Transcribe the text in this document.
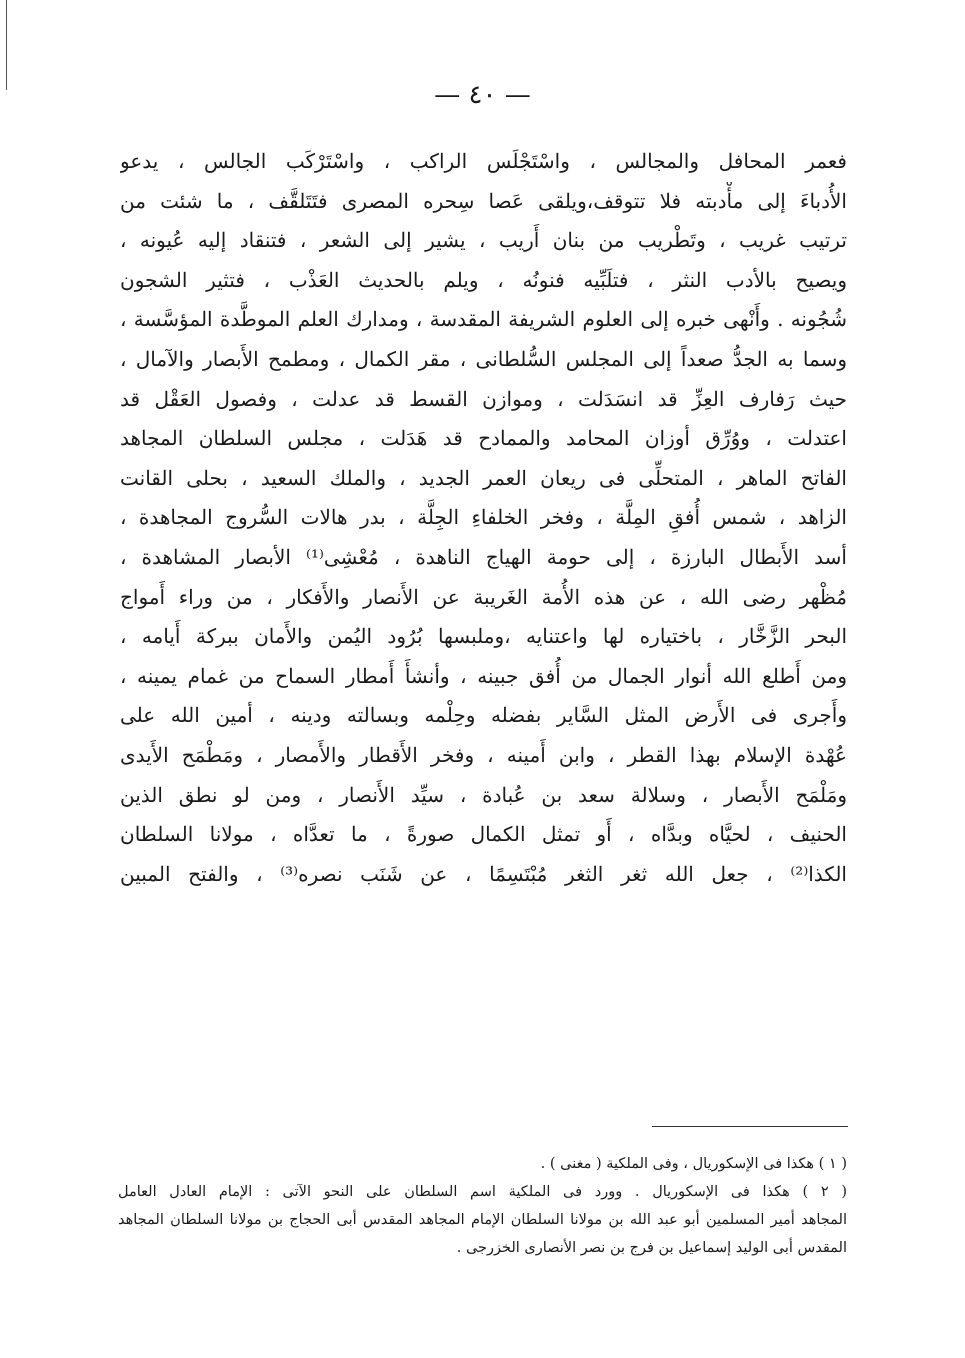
— ٤٠ —
فعمر المحافل والمجالس ، واسْتَجْلَس الراكب ، واسْتَرْكَب الجالس ، يدعو
الأُدباءَ إلى مأْدبته فلا تتوقف،ويلقى عَصا سِحره المصرى فتَتَلقَّف ، ما شئت من
ترتيب غريب ، وتَطْريب من بنان أَريب ، يشير إلى الشعر ، فتنقاد إليه عُيونه ،
ويصيح بالأدب النثر ، فتلَبِّيه فنونُه ، ويلم بالحديث العَذْب ، فتثير الشجون
شُجُونه . وأَنْهى خبره إلى العلوم الشريفة المقدسة ، ومدارك العلم الموطَّدة المؤسَّسة ،
وسما به الجدُّ صعداً إلى المجلس السُّلطانى ، مقر الكمال ، ومطمح الأَبصار والآمال ،
حيث رَفارف العِزِّ قد انسَدَلت ، وموازن القسط قد عدلت ، وفصول العَقْل قد
اعتدلت ، ووُرِّق أوزان المحامد والممادح قد هَدَلت ، مجلس السلطان المجاهد
الفاتح الماهر ، المتحلِّى فى ريعان العمر الجديد ، والملك السعيد ، بحلى القانت
الزاهد ، شمس أُفقِ المِلَّة ، وفخر الخلفاءِ الجِلَّة ، بدر هالات السُّروج المجاهدة ،
أسد الأَبطال البارزة ، إلى حومة الهياج الناهدة ، مُعْشِى⁽¹⁾ الأبصار المشاهدة ،
مُظْهر رضى الله ، عن هذه الأُمة الغَريبة عن الأَنصار والأَفكار ، من وراء أَمواج
البحر الزَّخَّار ، باختياره لها واعتنايه ،وملبسها بُرُود اليُمن والأَمان ببركة أَيامه ،
ومن أَطلع الله أنوار الجمال من أُفق جبينه ، وأنشأَ أَمطار السماح من غمام يمينه ،
وأَجرى فى الأَرض المثل السَّاير بفضله وحِلْمه وبسالته ودينه ، أمين الله على
عُهْدة الإسلام بهذا القطر ، وابن أَمينه ، وفخر الأَقطار والأَمصار ، ومَطْمَح الأَيدى
ومَلْمَح الأَبصار ، وسلالة سعد بن عُبادة ، سيِّد الأَنصار ، ومن لو نطق الذين
الحنيف ، لحيَّاه وبدَّاه ، أَو تمثل الكمال صورةً ، ما تعدَّاه ، مولانا السلطان
الكذا⁽²⁾ ، جعل الله ثغر الثغر مُبْتَسِمًا ، عن شَنَب نصره⁽³⁾ ، والفتح المبين
( ١ ) هكذا فى الإسكوريال ، وفى الملكية ( مغنى ) .
( ٢ ) هكذا فى الإسكوريال . وورد فى الملكية اسم السلطان على النحو الآتى : الإمام العادل العامل
المجاهد أمير المسلمين أبو عبد الله بن مولانا السلطان الإمام المجاهد المقدس أبى الحجاج بن مولانا السلطان المجاهد
المقدس أبى الوليد إسماعيل بن فرج بن نصر الأنصارى الخزرجى .
